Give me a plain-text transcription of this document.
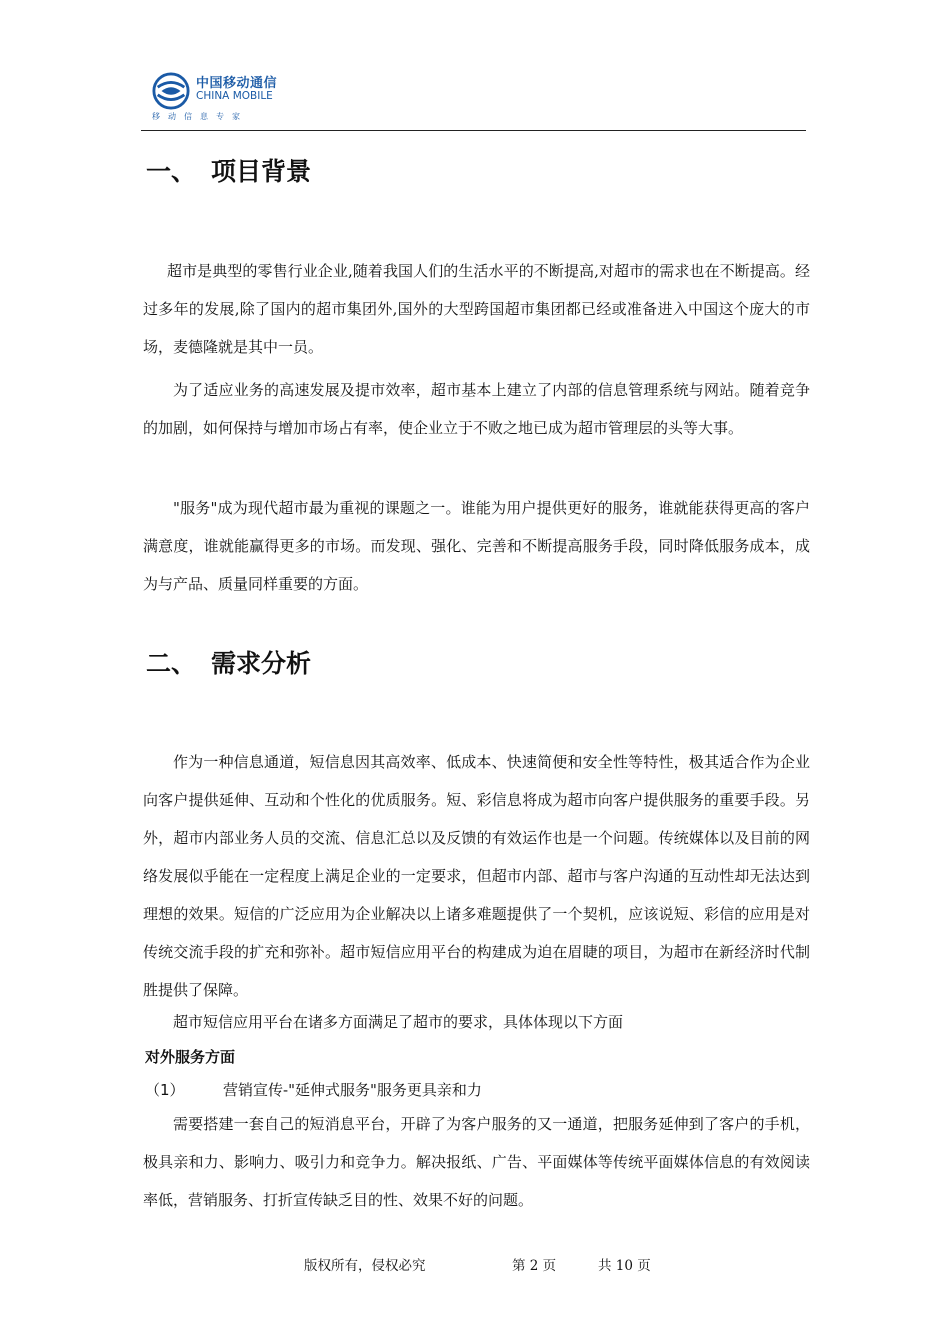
中国移动通信
CHINA MOBILE
移动信息专家
一、 项目背景
超市是典型的零售行业企业,随着我国人们的生活水平的不断提高,对超市的需求也在不断提高。经过多年的发展,除了国内的超市集团外,国外的大型跨国超市集团都已经或准备进入中国这个庞大的市场，麦德隆就是其中一员。
为了适应业务的高速发展及提市效率，超市基本上建立了内部的信息管理系统与网站。随着竞争的加剧，如何保持与增加市场占有率，使企业立于不败之地已成为超市管理层的头等大事。
"服务"成为现代超市最为重视的课题之一。谁能为用户提供更好的服务，谁就能获得更高的客户满意度，谁就能赢得更多的市场。而发现、强化、完善和不断提高服务手段，同时降低服务成本，成为与产品、质量同样重要的方面。
二、 需求分析
作为一种信息通道，短信息因其高效率、低成本、快速简便和安全性等特性，极其适合作为企业向客户提供延伸、互动和个性化的优质服务。短、彩信息将成为超市向客户提供服务的重要手段。另外，超市内部业务人员的交流、信息汇总以及反馈的有效运作也是一个问题。传统媒体以及目前的网络发展似乎能在一定程度上满足企业的一定要求，但超市内部、超市与客户沟通的互动性却无法达到理想的效果。短信的广泛应用为企业解决以上诸多难题提供了一个契机，应该说短、彩信的应用是对传统交流手段的扩充和弥补。超市短信应用平台的构建成为迫在眉睫的项目，为超市在新经济时代制胜提供了保障。
超市短信应用平台在诸多方面满足了超市的要求，具体体现以下方面
对外服务方面
（1）	营销宣传-"延伸式服务"服务更具亲和力
需要搭建一套自己的短消息平台，开辟了为客户服务的又一通道，把服务延伸到了客户的手机，极具亲和力、影响力、吸引力和竞争力。解决报纸、广告、平面媒体等传统平面媒体信息的有效阅读率低，营销服务、打折宣传缺乏目的性、效果不好的问题。
版权所有，侵权必究	第 2 页	共 10 页
